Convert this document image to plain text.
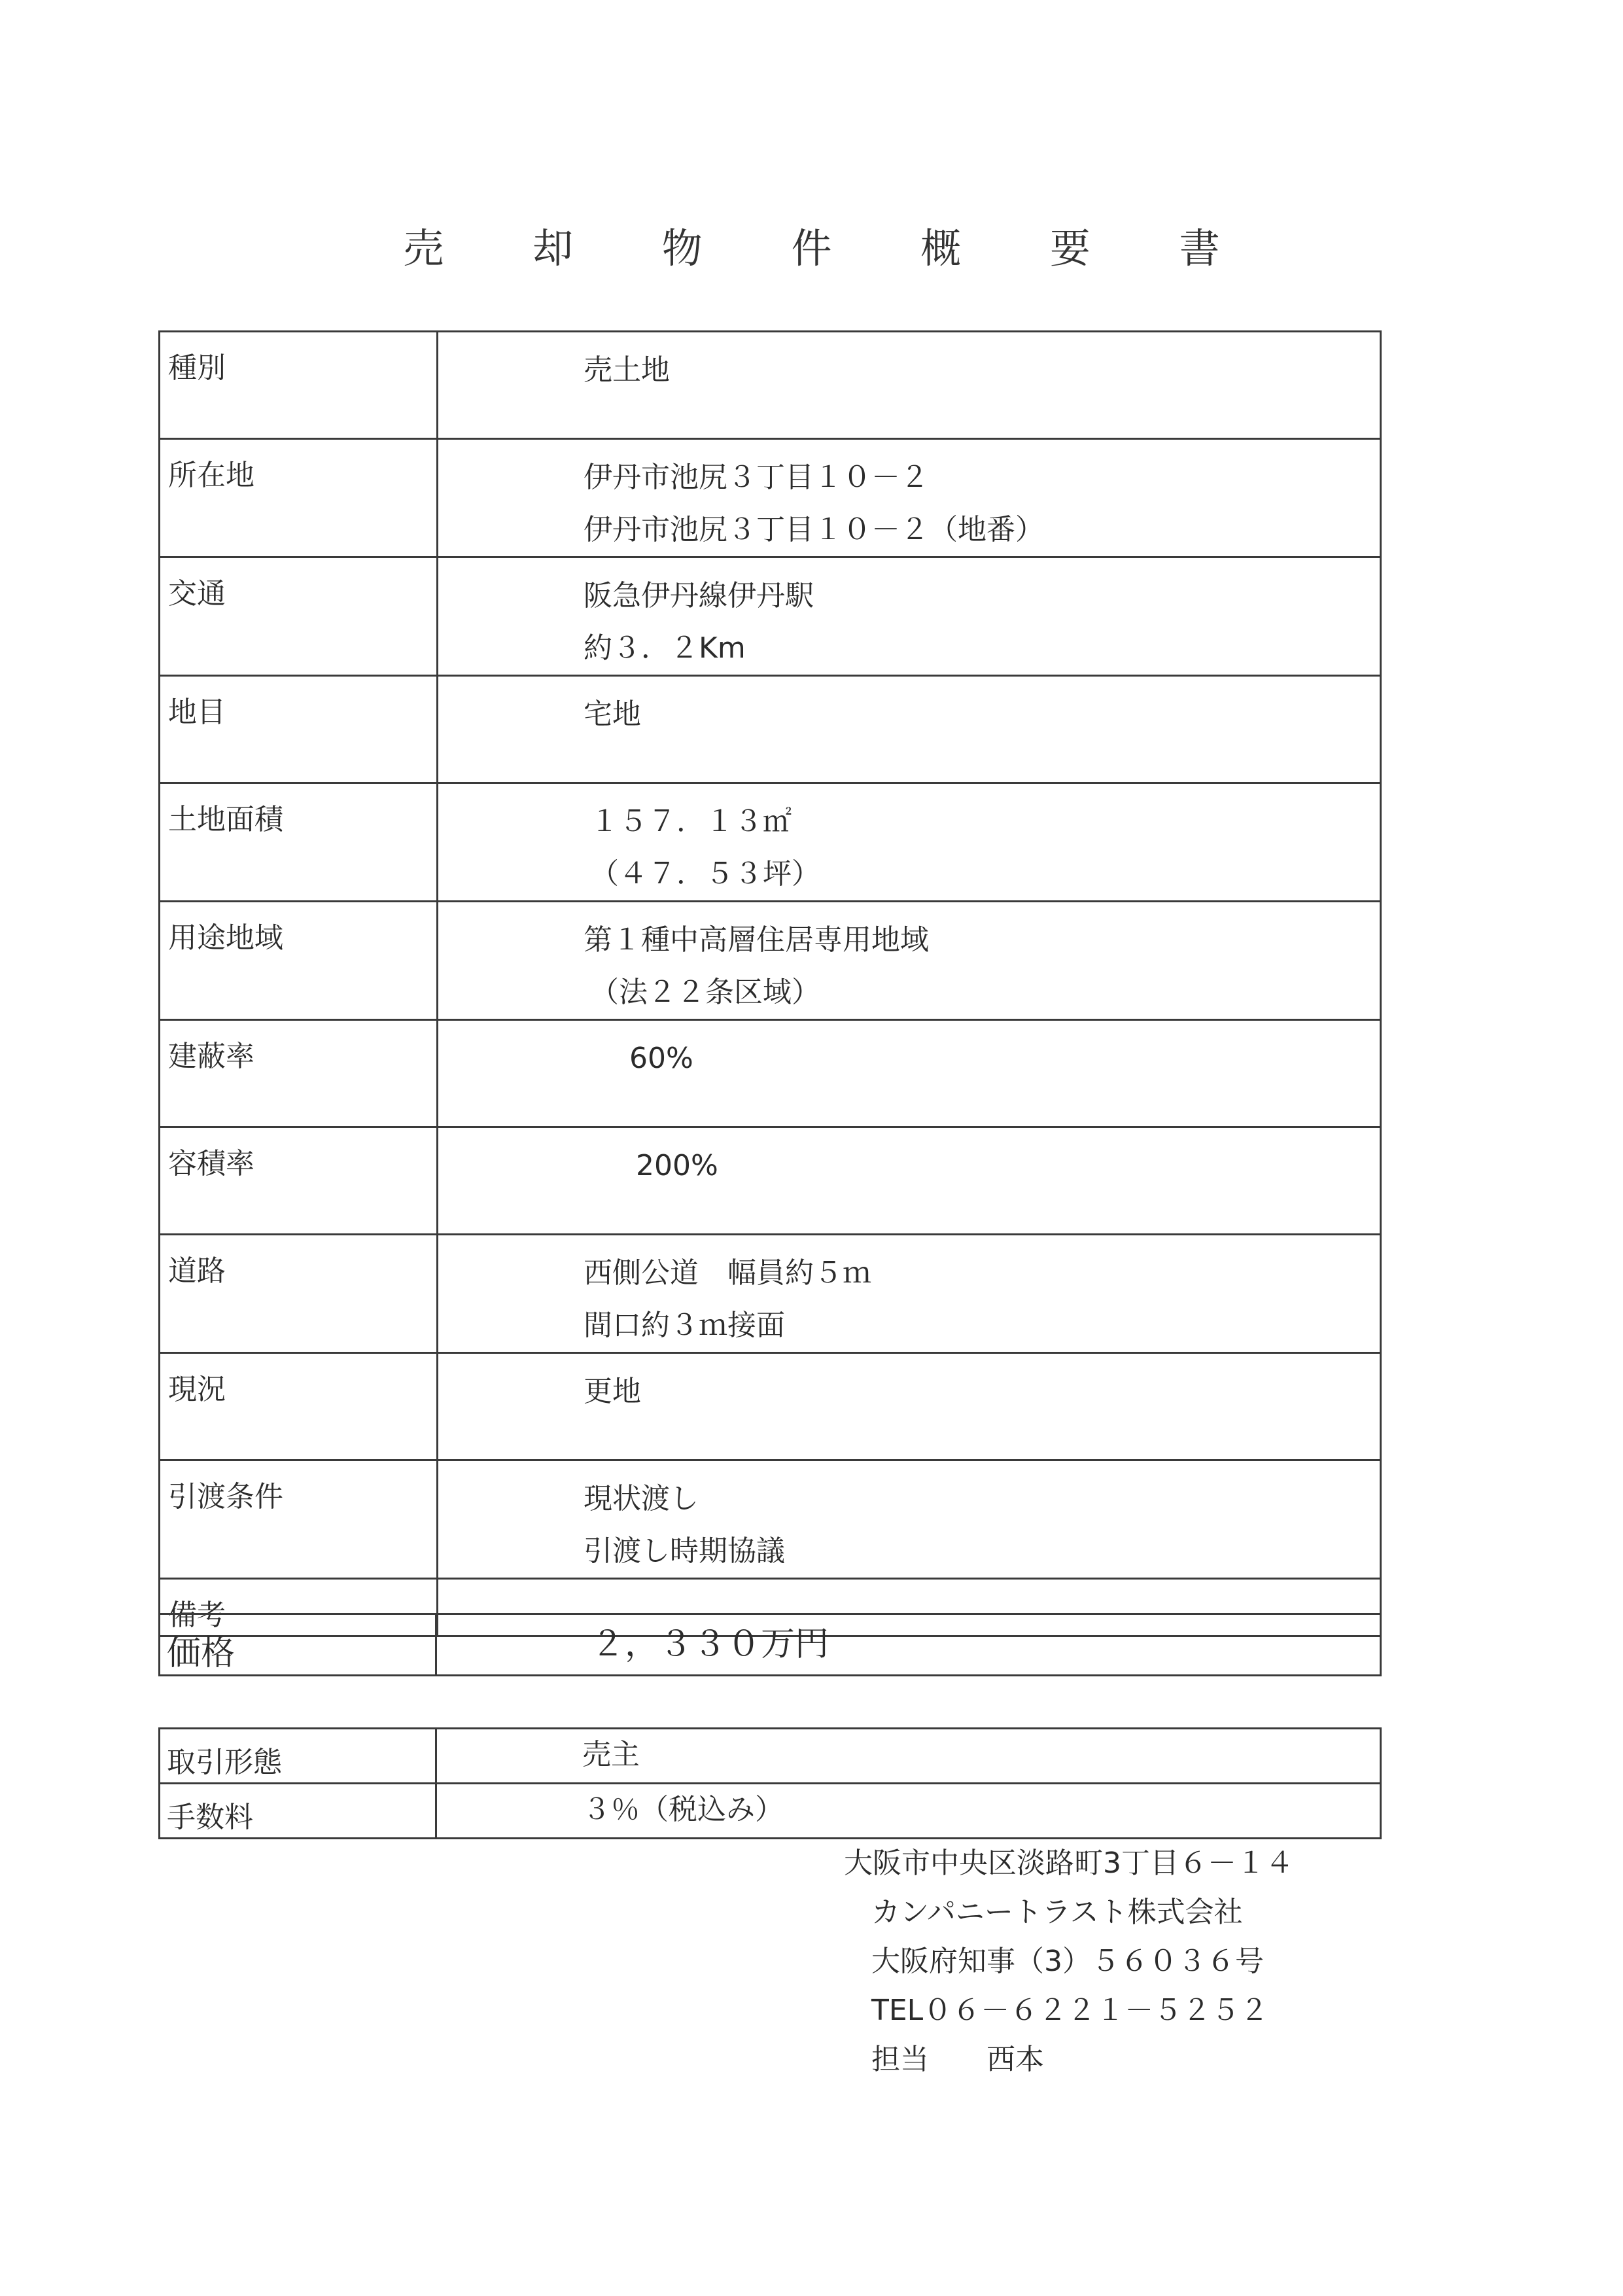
売 却 物 件 概 要 書
種別	売土地

所在地	伊丹市池尻３丁目１０－２
伊丹市池尻３丁目１０－２（地番）

交通	阪急伊丹線伊丹駅
約３．２Km

地目	宅地

土地面積	１５７．１３㎡
（４７．５３坪）

用途地域	第１種中高層住居専用地域
（法２２条区域）

建蔽率	60%

容積率	200%

道路	西側公道　幅員約５ｍ
間口約３ｍ接面

現況	更地

引渡条件	現状渡し
引渡し時期協議

備考	
価格	２，３３０万円
取引形態	売主
手数料	３％（税込み）
大阪市中央区淡路町3丁目６－１４
カンパニートラスト株式会社
大阪府知事（3）５６０３６号
TEL０６－６２２１－５２５２
担当　　西本
